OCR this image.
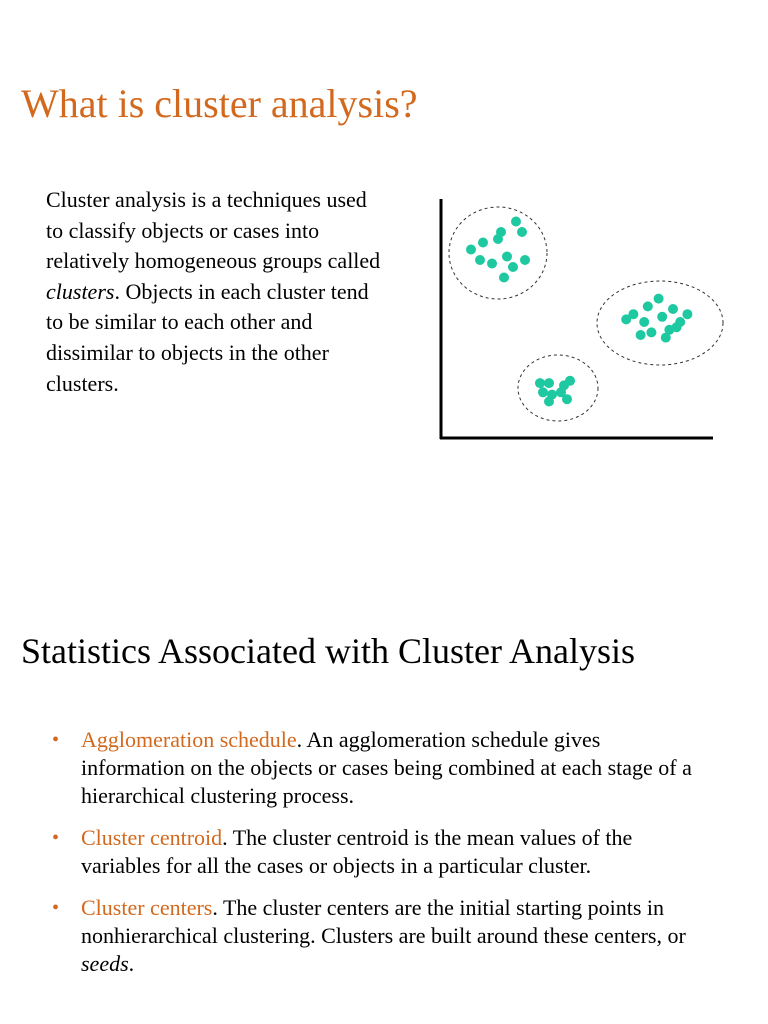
What is cluster analysis?

Cluster analysis is a techniques used to classify objects or cases into relatively homogeneous groups called clusters. Objects in each cluster tend to be similar to each other and dissimilar to objects in the other clusters.

Statistics Associated with Cluster Analysis
• Agglomeration schedule. An agglomeration schedule gives information on the objects or cases being combined at each stage of a hierarchical clustering process.
• Cluster centroid. The cluster centroid is the mean values of the variables for all the cases or objects in a particular cluster.
• Cluster centers. The cluster centers are the initial starting points in nonhierarchical clustering. Clusters are built around these centers, or seeds.
